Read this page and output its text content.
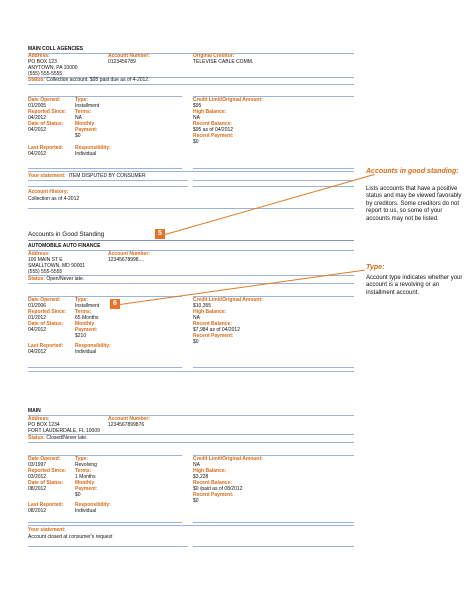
MAIN COLL AGENCIES
Address:
PO BOX 123
ANYTOWN, PA 10000
(555) 555-5555
Account Number:
0123456789
Original Creditor:
TELEVISE CABLE COMM.
Status: Collection account. $95 past due as of 4-2012.
Date Opened:
01/2005
Reported Since:
04/2012
Date of Status:
04/2012
Last Reported:
04/2012
Type:
Installment
Terms:
NA
Monthly
Payment:
$0
Responsibility:
Individual
Credit Limit/Original Amount:
$95
High Balance:
NA
Recent Balance:
$95 as of 04/2012
Recent Payment:
$0
Your statement: ITEM DISPUTED BY CONSUMER
Account History:
Collection as of 4-2012
Accounts in Good Standing	5
AUTOMOBILE AUTO FINANCE
Address:
100 MAIN ST E
SMALLTOWN, MD 90001
(555) 555-5555
Account Number:
12345678998....
Status: Open/Never late.
6
Date Opened:
01/2006
Reported Since:
01/2012
Date of Status:
04/2012
Last Reported:
04/2012
Type:
Installment
Terms:
65 Months
Monthly
Payment:
$210
Responsibility:
Individual
Credit Limit/Original Amount:
$10,355
High Balance:
NA
Recent Balance:
$7,984 as of 04/2012
Recent Payment:
$0
MAIN
Address:
PO BOX 1234
FORT LAUDERDALE, FL 10009
Account Number:
1234567899876
Status: Closed/Never late.
Date Opened:
03/1997
Reported Since:
03/2012
Date of Status:
08/2012
Last Reported:
08/2012
Type:
Revolving
Terms:
1 Months
Monthly
Payment:
$0
Responsibility:
Individual
Credit Limit/Original Amount:
NA
High Balance:
$3,228
Recent Balance:
$0 /paid as of 08/2012
Recent Payment:
$0
Your statement:
Account closed at consumer's request
Accounts in good standing:
Lists accounts that have a positive status and may be viewed favorably by creditors. Some creditors do not report to us, so some of your accounts may not be listed.
Type:
Account type indicates whether your account is a revolving or an installment account.
